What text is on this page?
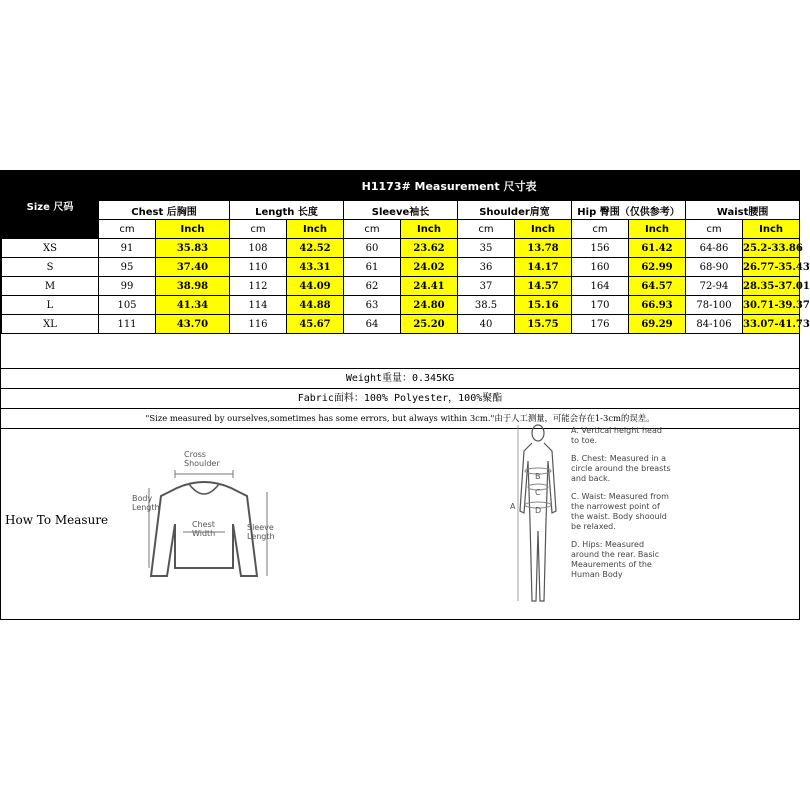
Size 尺码	H1173# Measurement 尺寸表											
	Chest 后胸围		Length 长度		Sleeve袖长		Shoulder肩宽		Hip 臀围（仅供参考）		Waist腰围	
	cm	Inch	cm	Inch	cm	Inch	cm	Inch	cm	Inch	cm	Inch
XS	91	35.83	108	42.52	60	23.62	35	13.78	156	61.42	64-86	25.2-33.86
S	95	37.40	110	43.31	61	24.02	36	14.17	160	62.99	68-90	26.77-35.43
M	99	38.98	112	44.09	62	24.41	37	14.57	164	64.57	72-94	28.35-37.01
L	105	41.34	114	44.88	63	24.80	38.5	15.16	170	66.93	78-100	30.71-39.37
XL	111	43.70	116	45.67	64	25.20	40	15.75	176	69.29	84-106	33.07-41.73
Weight重量：0.345KG
Fabric面料：100% Polyester，100%聚酯
"Size measured by ourselves,sometimes has some errors, but always within 3cm."由于人工测量，可能会存在1-3cm的误差。
How To Measure
Cross
Shoulder
Body
Length
Chest
Width
Sleeve
Length
A
B
C
D

A. Vertical height head to toe.

B. Chest: Measured in a circle around the breasts and back.

C. Waist: Measured from the narrowest point of the waist. Body shoould be relaxed.

D. Hips: Measured around the rear. Basic Meaurements of the Human Body
